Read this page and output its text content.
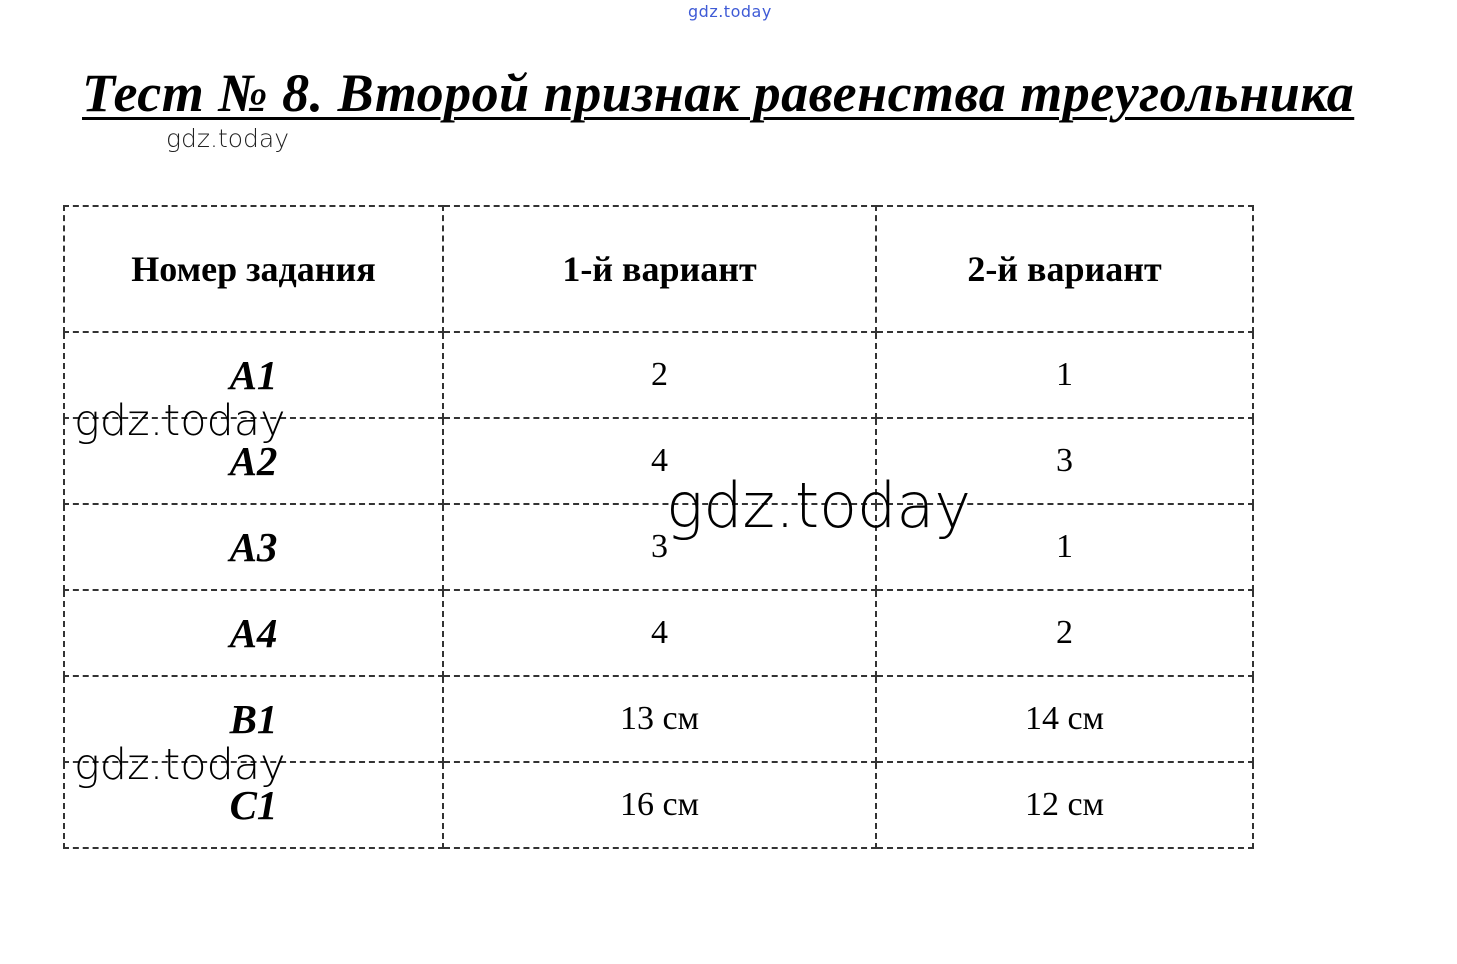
gdz.today
Тест № 8. Второй признак равенства треугольника
gdz.today
Номер задания	1-й вариант	2-й вариант
A1	2	1
A2	4	3
A3	3	1
A4	4	2
B1	13 см	14 см
C1	16 см	12 см
gdz.today
gdz.today
gdz.today
